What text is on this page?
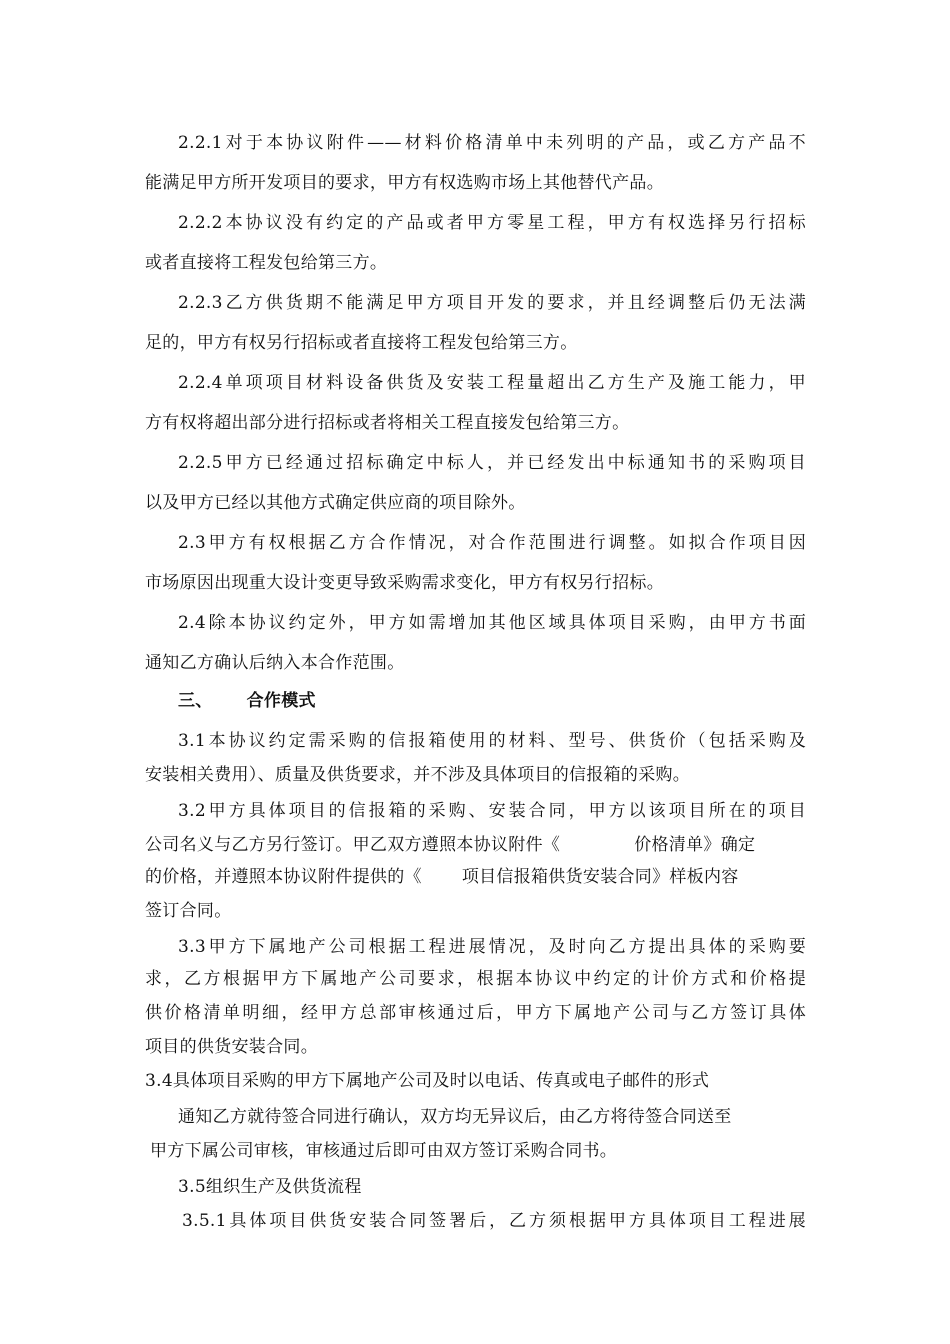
2.2.1对于本协议附件——材料价格清单中未列明的产品，或乙方产品不
能满足甲方所开发项目的要求，甲方有权选购市场上其他替代产品。
2.2.2本协议没有约定的产品或者甲方零星工程，甲方有权选择另行招标
或者直接将工程发包给第三方。
2.2.3乙方供货期不能满足甲方项目开发的要求，并且经调整后仍无法满
足的，甲方有权另行招标或者直接将工程发包给第三方。
2.2.4单项项目材料设备供货及安装工程量超出乙方生产及施工能力，甲
方有权将超出部分进行招标或者将相关工程直接发包给第三方。
2.2.5甲方已经通过招标确定中标人，并已经发出中标通知书的采购项目
以及甲方已经以其他方式确定供应商的项目除外。
2.3甲方有权根据乙方合作情况，对合作范围进行调整。如拟合作项目因
市场原因出现重大设计变更导致采购需求变化，甲方有权另行招标。
2.4除本协议约定外，甲方如需增加其他区域具体项目采购，由甲方书面
通知乙方确认后纳入本合作范围。
三、 合作模式
3.1本协议约定需采购的信报箱使用的材料、型号、供货价（包括采购及
安装相关费用）、质量及供货要求，并不涉及具体项目的信报箱的采购。
3.2甲方具体项目的信报箱的采购、安装合同，甲方以该项目所在的项目
公司名义与乙方另行签订。甲乙双方遵照本协议附件《	价格清单》确定
的价格，并遵照本协议附件提供的《 项目信报箱供货安装合同》样板内容
签订合同。
3.3甲方下属地产公司根据工程进展情况，及时向乙方提出具体的采购要
求，乙方根据甲方下属地产公司要求，根据本协议中约定的计价方式和价格提
供价格清单明细，经甲方总部审核通过后，甲方下属地产公司与乙方签订具体
项目的供货安装合同。
3.4具体项目采购的甲方下属地产公司及时以电话、传真或电子邮件的形式
通知乙方就待签合同进行确认，双方均无异议后，由乙方将待签合同送至
甲方下属公司审核，审核通过后即可由双方签订采购合同书。
3.5组织生产及供货流程
3.5.1具体项目供货安装合同签署后，乙方须根据甲方具体项目工程进展
